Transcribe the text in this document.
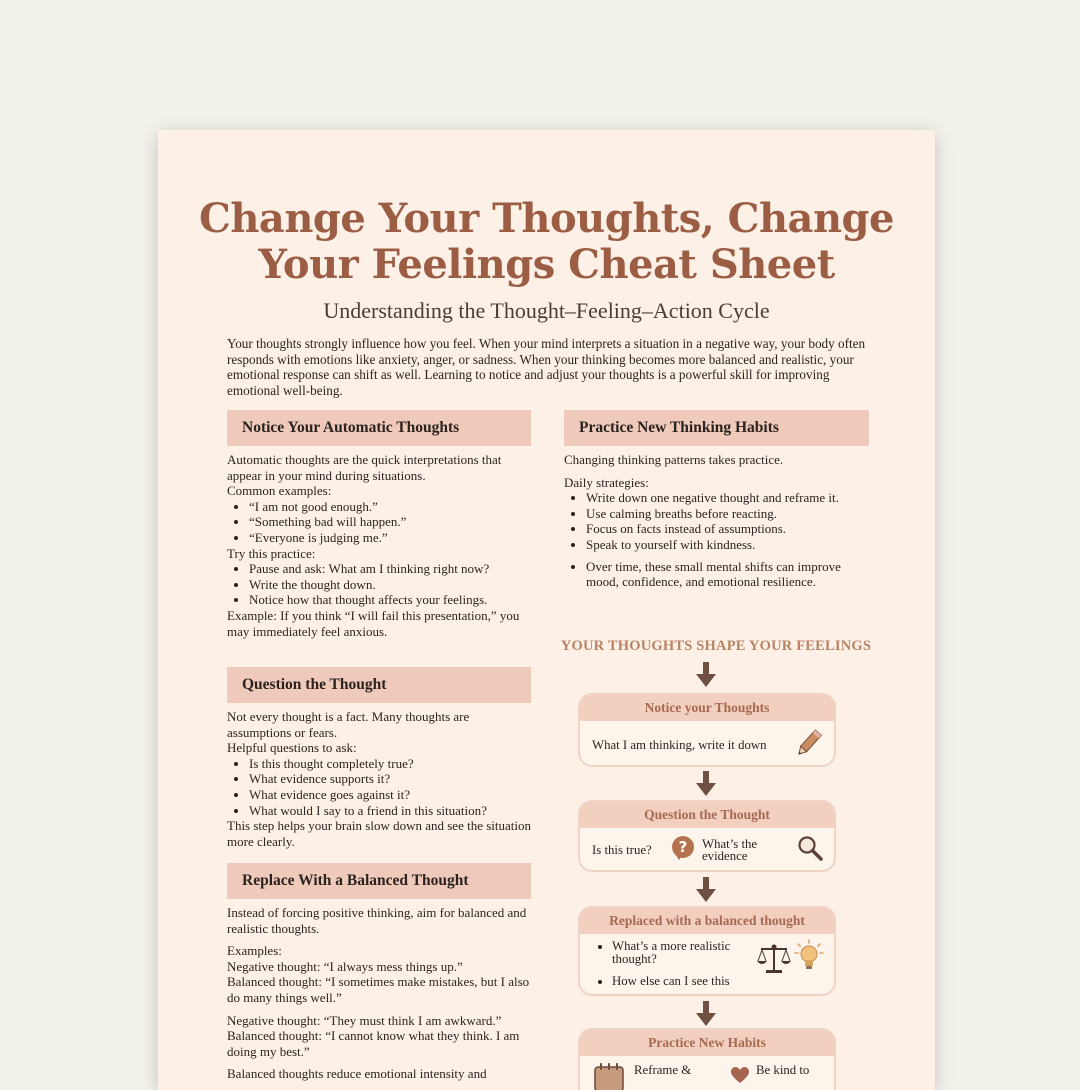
Change Your Thoughts, Change
Your Feelings Cheat Sheet
Understanding the Thought–Feeling–Action Cycle
Your thoughts strongly influence how you feel. When your mind interprets a situation in a negative way, your body often responds with emotions like anxiety, anger, or sadness. When your thinking becomes more balanced and realistic, your emotional response can shift as well. Learning to notice and adjust your thoughts is a powerful skill for improving emotional well-being.
Notice Your Automatic Thoughts

Automatic thoughts are the quick interpretations that appear in your mind during situations.

Common examples:

• “I am not good enough.”
• “Something bad will happen.”
• “Everyone is judging me.”

Try this practice:

• Pause and ask: What am I thinking right now?
• Write the thought down.
• Notice how that thought affects your feelings.

Example: If you think “I will fail this presentation,” you may immediately feel anxious.

Question the Thought

Not every thought is a fact. Many thoughts are assumptions or fears.

Helpful questions to ask:

• Is this thought completely true?
• What evidence supports it?
• What evidence goes against it?
• What would I say to a friend in this situation?

This step helps your brain slow down and see the situation more clearly.

Replace With a Balanced Thought

Instead of forcing positive thinking, aim for balanced and realistic thoughts.

Examples:

Negative thought: “I always mess things up.”

Balanced thought: “I sometimes make mistakes, but I also do many things well.”

Negative thought: “They must think I am awkward.”

Balanced thought: “I cannot know what they think. I am doing my best.”

Balanced thoughts reduce emotional intensity and

Practice New Thinking Habits

Changing thinking patterns takes practice.

Daily strategies:

• Write down one negative thought and reframe it.
• Use calming breaths before reacting.
• Focus on facts instead of assumptions.
• Speak to yourself with kindness.
• Over time, these small mental shifts can improve mood, confidence, and emotional resilience.
YOUR THOUGHTS SHAPE YOUR FEELINGS
Notice your Thoughts
What I am thinking, write it down
Question the Thought
Is this true? ? What’s the evidence
Replaced with a balanced thought
• What’s a more realistic thought?
• How else can I see this
Practice New Habits
Reframe &	Be kind to
